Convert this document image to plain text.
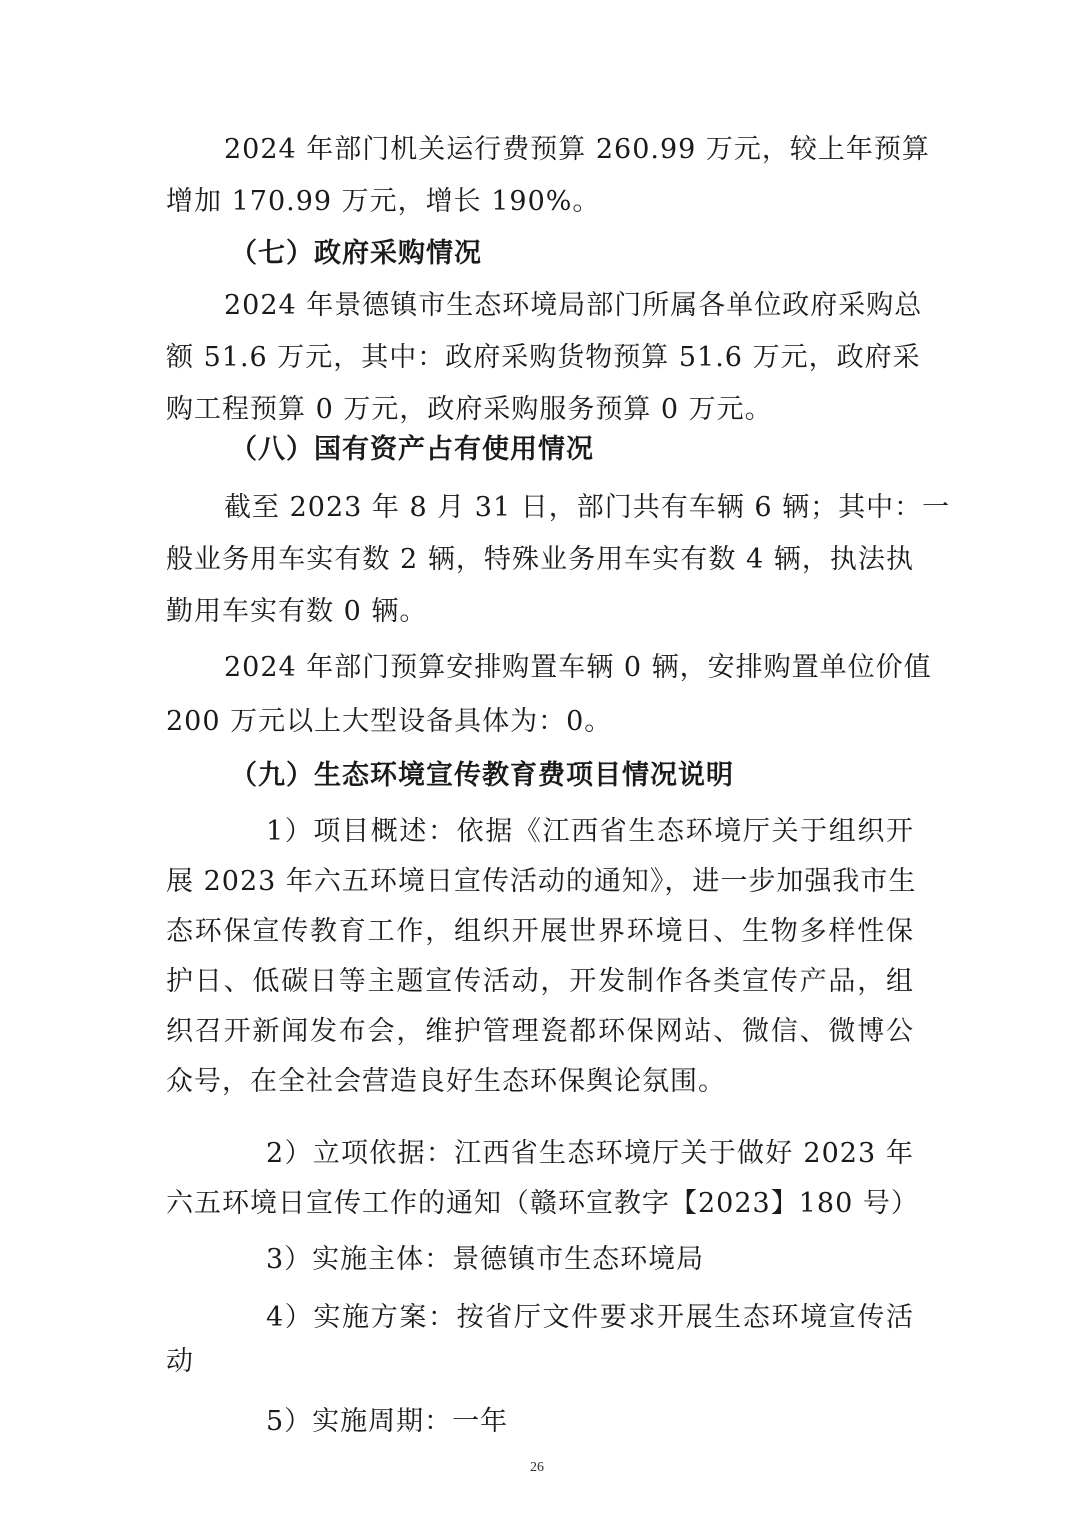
2024 年部门机关运行费预算 260.99 万元，较上年预算
增加 170.99 万元，增长 190%。
（七）政府采购情况
2024 年景德镇市生态环境局部门所属各单位政府采购总
额 51.6 万元，其中：政府采购货物预算 51.6 万元，政府采
购工程预算 0 万元，政府采购服务预算 0 万元。
（八）国有资产占有使用情况
截至 2023 年 8 月 31 日，部门共有车辆 6 辆；其中：一
般业务用车实有数 2 辆，特殊业务用车实有数 4 辆，执法执
勤用车实有数 0 辆。
2024 年部门预算安排购置车辆 0 辆，安排购置单位价值
200 万元以上大型设备具体为：0。
（九）生态环境宣传教育费项目情况说明
1）项目概述：依据《江西省生态环境厅关于组织开
展 2023 年六五环境日宣传活动的通知》，进一步加强我市生
态环保宣传教育工作，组织开展世界环境日、生物多样性保
护日、低碳日等主题宣传活动，开发制作各类宣传产品，组
织召开新闻发布会，维护管理瓷都环保网站、微信、微博公
众号，在全社会营造良好生态环保舆论氛围。
2）立项依据：江西省生态环境厅关于做好 2023 年
六五环境日宣传工作的通知（赣环宣教字【2023】180 号）
3）实施主体：景德镇市生态环境局
4）实施方案：按省厅文件要求开展生态环境宣传活
动
5）实施周期：一年
26
